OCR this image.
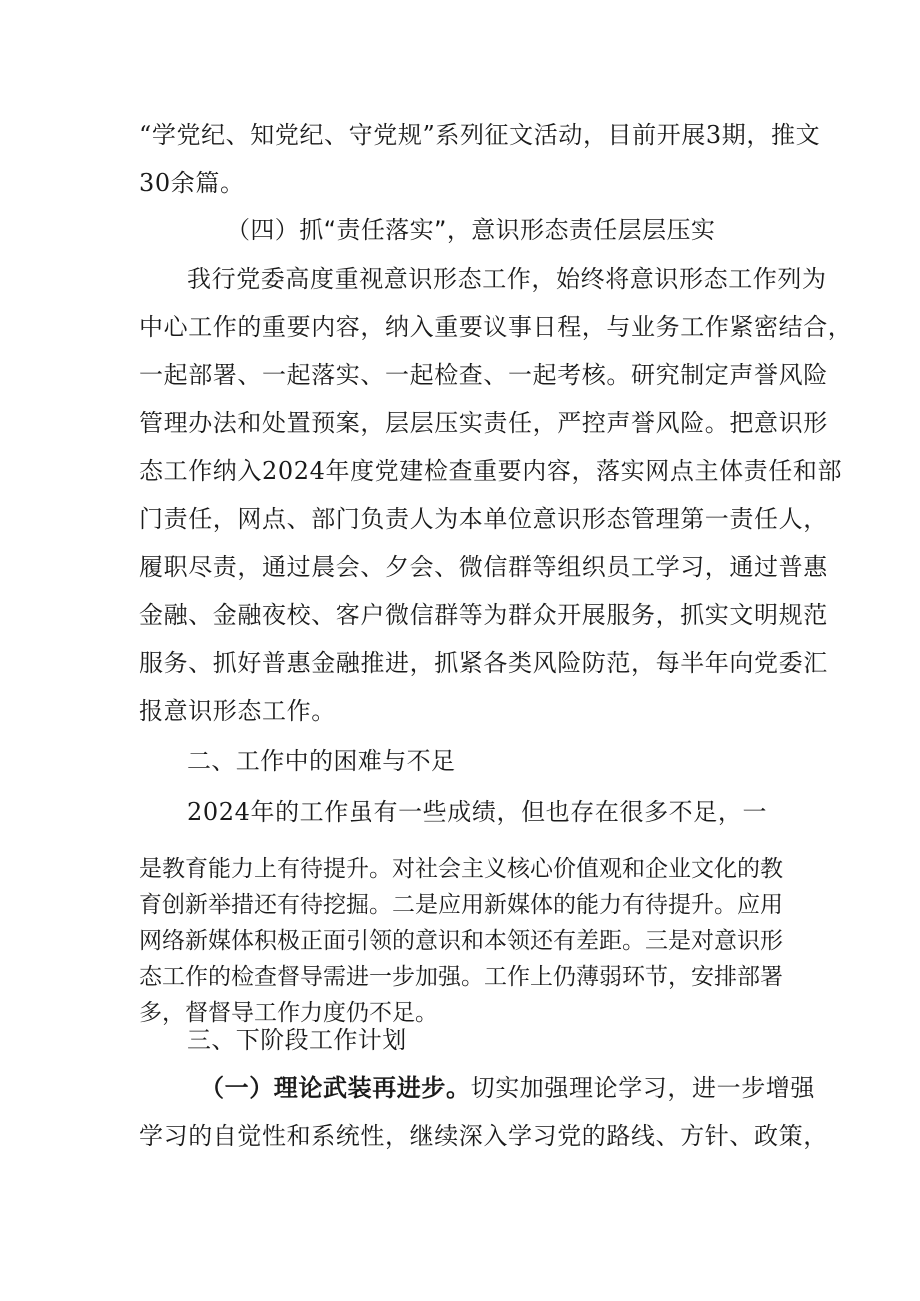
“学党纪、知党纪、守党规”系列征文活动，目前开展3期，推文
30余篇。
（四）抓“责任落实”，意识形态责任层层压实
我行党委高度重视意识形态工作，始终将意识形态工作列为
中心工作的重要内容，纳入重要议事日程，与业务工作紧密结合，
一起部署、一起落实、一起检查、一起考核。研究制定声誉风险
管理办法和处置预案，层层压实责任，严控声誉风险。把意识形
态工作纳入2024年度党建检查重要内容，落实网点主体责任和部
门责任，网点、部门负责人为本单位意识形态管理第一责任人，
履职尽责，通过晨会、夕会、微信群等组织员工学习，通过普惠
金融、金融夜校、客户微信群等为群众开展服务，抓实文明规范
服务、抓好普惠金融推进，抓紧各类风险防范，每半年向党委汇
报意识形态工作。
二、工作中的困难与不足
2024年的工作虽有一些成绩，但也存在很多不足，一
是教育能力上有待提升。对社会主义核心价值观和企业文化的教
育创新举措还有待挖掘。二是应用新媒体的能力有待提升。应用
网络新媒体积极正面引领的意识和本领还有差距。三是对意识形
态工作的检查督导需进一步加强。工作上仍薄弱环节，安排部署
多，督督导工作力度仍不足。
三、下阶段工作计划
（一）理论武装再进步。切实加强理论学习，进一步增强
学习的自觉性和系统性，继续深入学习党的路线、方针、政策，
